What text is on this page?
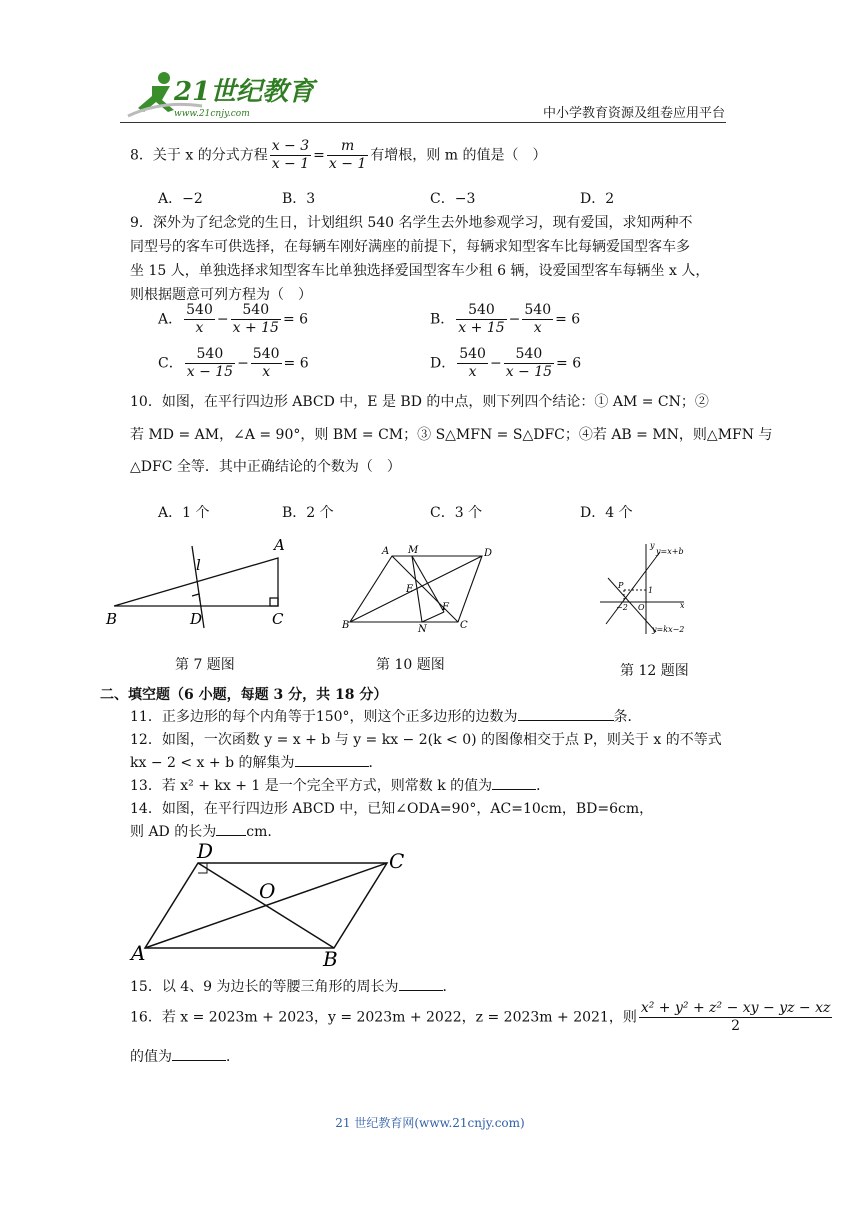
21世纪教育
www.21cnjy.com	中小学教育资源及组卷应用平台
8．关于 x 的分式方程 $\frac{x - 3}{x - 1} = \frac{m}{x - 1}$ 有增根，则 m 的值是（　）
A．−2	B．3	C．−3	D．2
9．深外为了纪念党的生日，计划组织 540 名学生去外地参观学习，现有爱国，求知两种不
同型号的客车可供选择，在每辆车刚好满座的前提下，每辆求知型客车比每辆爱国型客车多
坐 15 人，单独选择求知型客车比单独选择爱国型客车少租 6 辆，设爱国型客车每辆坐 x 人，
则根据题意可列方程为（　）
A． $\frac{540}{x} - \frac{540}{x + 15} = 6$	B． $\frac{540}{x + 15} - \frac{540}{x} = 6$
C． $\frac{540}{x - 15} - \frac{540}{x} = 6$	D． $\frac{540}{x} - \frac{540}{x - 15} = 6$
10．如图，在平行四边形 ABCD 中，E 是 BD 的中点，则下列四个结论：① AM = CN；②
若 MD = AM，∠A = 90°，则 BM = CM；③ S△MFN = S△DFC；④若 AB = MN，则△MFN 与
△DFC 全等．其中正确结论的个数为（　）
A．1 个	B．2 个	C．3 个	D．4 个
A
B	C
D
l
第 7 题图
A M	D
E
F
B	N	C
第 10 题图
y
y=x+b
P
1
−2 O	x
y=kx−2
第 12 题图
二、填空题（6 小题，每题 3 分，共 18 分）
11．正多边形的每个内角等于150°，则这个正多边形的边数为	条．
12．如图，一次函数 y = x + b 与 y = kx − 2(k < 0) 的图像相交于点 P，则关于 x 的不等式
kx − 2 < x + b 的解集为	．
13．若 x² + kx + 1 是一个完全平方式，则常数 k 的值为	．
14．如图，在平行四边形 ABCD 中，已知∠ODA=90°，AC=10cm，BD=6cm，
则 AD 的长为 cm.
D	C
O
A	B
15．以 4、9 为边长的等腰三角形的周长为	．
16．若 x = 2023m + 2023，y = 2023m + 2022，z = 2023m + 2021，则 $\frac{\text{x² + y² + z² − xy − yz − xz}}{2}$
的值为	．
21 世纪教育网(www.21cnjy.com)
